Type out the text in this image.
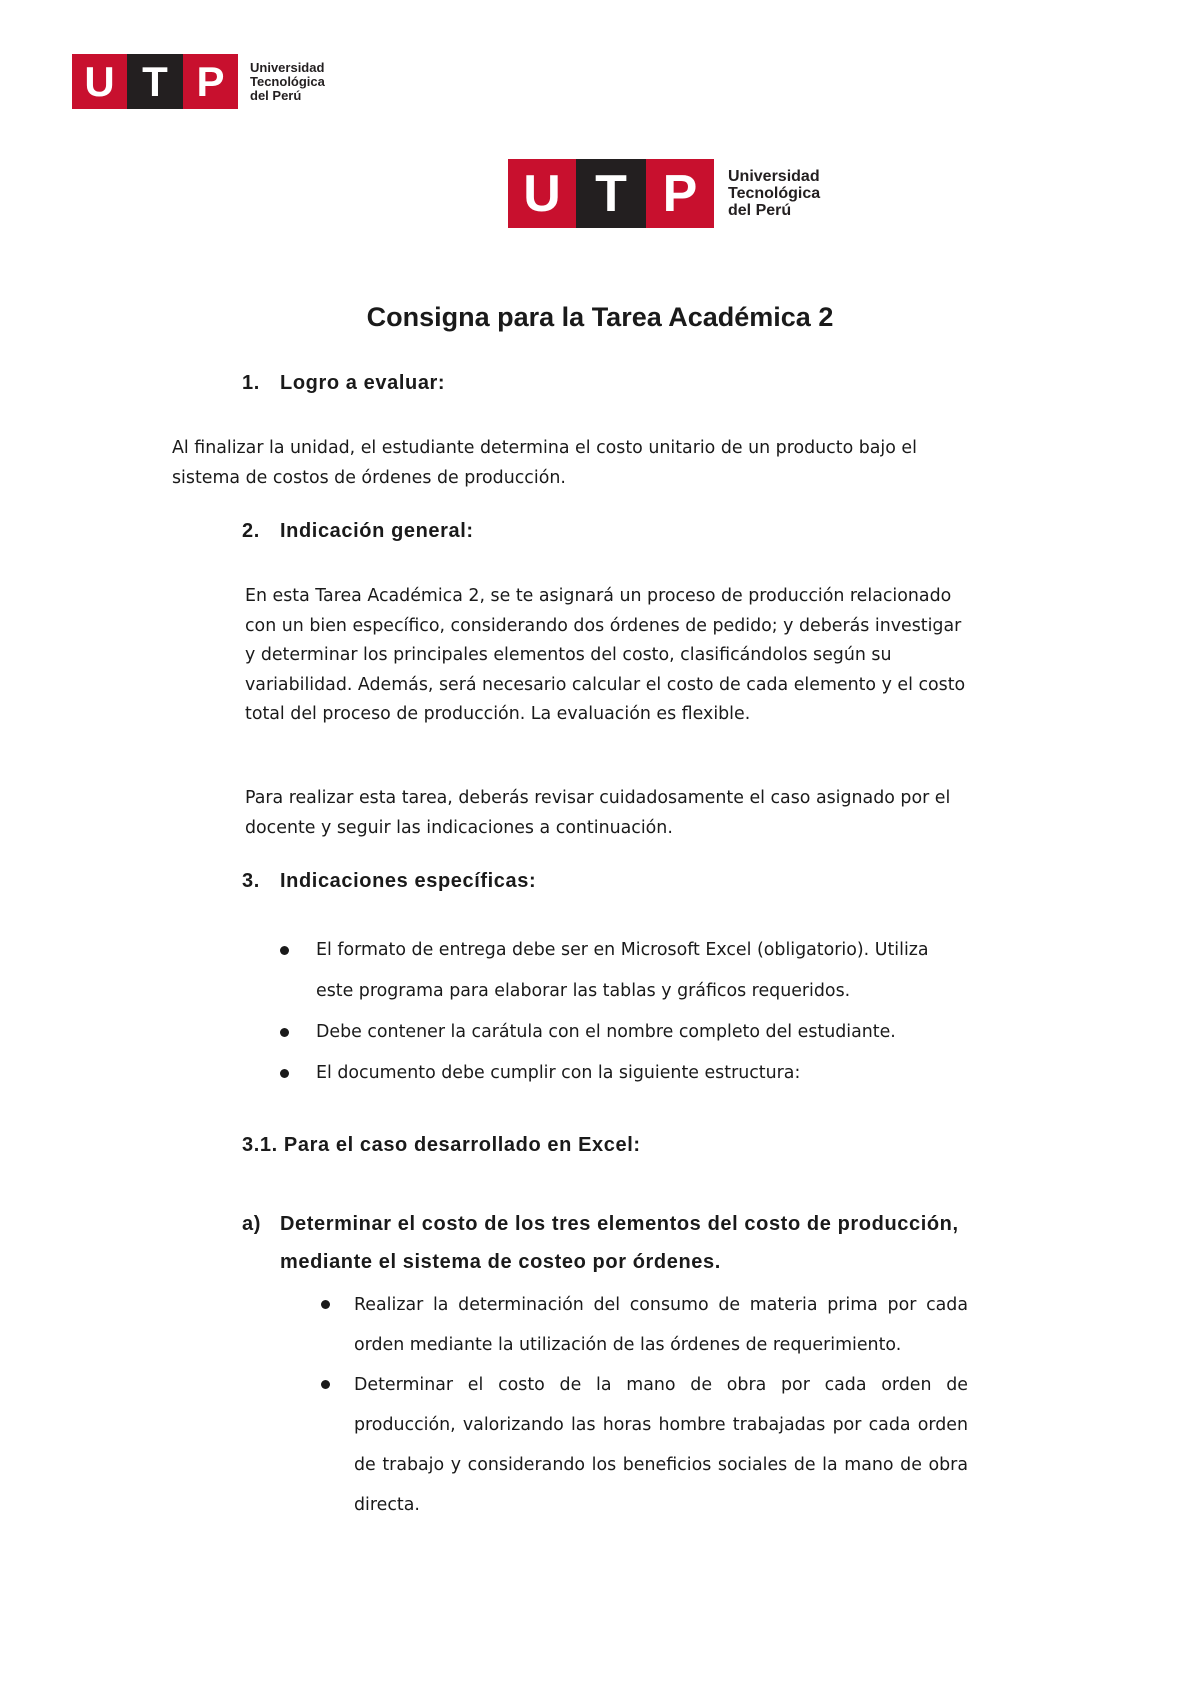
U T P	Universidad
Tecnológica
del Perú
U T P	Universidad
Tecnológica
del Perú
Consigna para la Tarea Académica 2
1. Logro a evaluar:

Al finalizar la unidad, el estudiante determina el costo unitario de un producto bajo el sistema de costos de órdenes de producción.

2. Indicación general:

En esta Tarea Académica 2, se te asignará un proceso de producción relacionado con un bien específico, considerando dos órdenes de pedido; y deberás investigar y determinar los principales elementos del costo, clasificándolos según su variabilidad. Además, será necesario calcular el costo de cada elemento y el costo total del proceso de producción. La evaluación es flexible.

Para realizar esta tarea, deberás revisar cuidadosamente el caso asignado por el docente y seguir las indicaciones a continuación.

3. Indicaciones específicas:
El formato de entrega debe ser en Microsoft Excel (obligatorio). Utiliza este programa para elaborar las tablas y gráficos requeridos.
Debe contener la carátula con el nombre completo del estudiante.
El documento debe cumplir con la siguiente estructura:
3.1. Para el caso desarrollado en Excel:
a) Determinar el costo de los tres elementos del costo de producción, mediante el sistema de costeo por órdenes.
Realizar la determinación del consumo de materia prima por cada orden mediante la utilización de las órdenes de requerimiento.
Determinar el costo de la mano de obra por cada orden de producción, valorizando las horas hombre trabajadas por cada orden de trabajo y considerando los beneficios sociales de la mano de obra directa.
